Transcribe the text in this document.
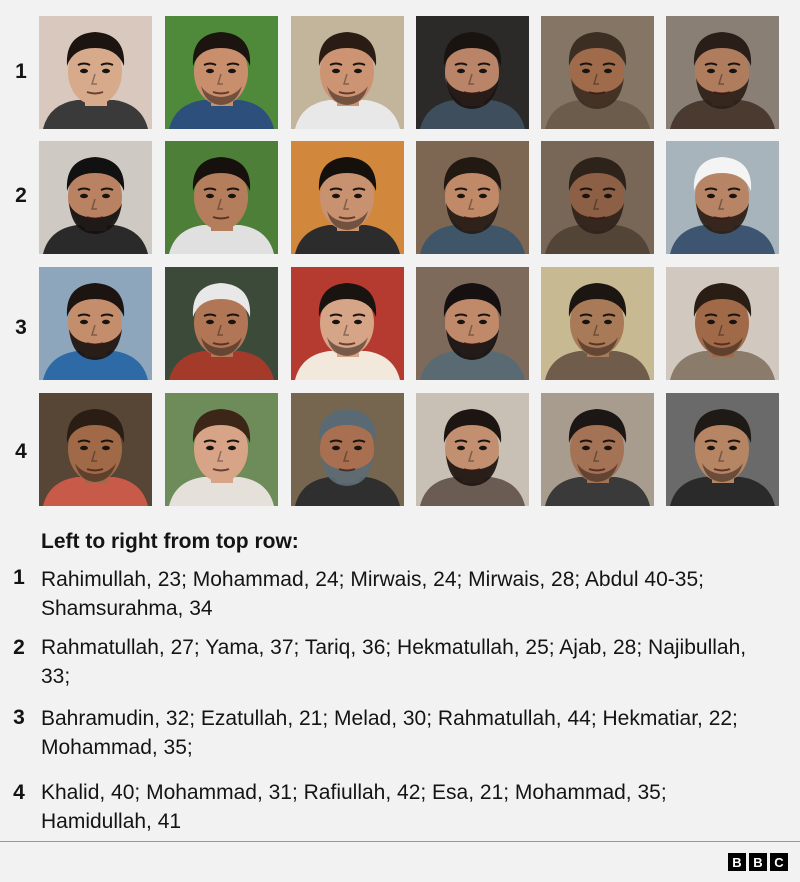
1
2
3
4
Left to right from top row:
1 Rahimullah, 23; Mohammad, 24; Mirwais, 24; Mirwais, 28; Abdul 40-35; Shamsurahma, 34
2 Rahmatullah, 27; Yama, 37; Tariq, 36; Hekmatullah, 25; Ajab, 28; Najibullah, 33;
3 Bahramudin, 32; Ezatullah, 21; Melad, 30; Rahmatullah, 44; Hekmatiar, 22; Mohammad, 35;
4 Khalid, 40; Mohammad, 31; Rafiullah, 42; Esa, 21; Mohammad, 35; Hamidullah, 41
B B C
